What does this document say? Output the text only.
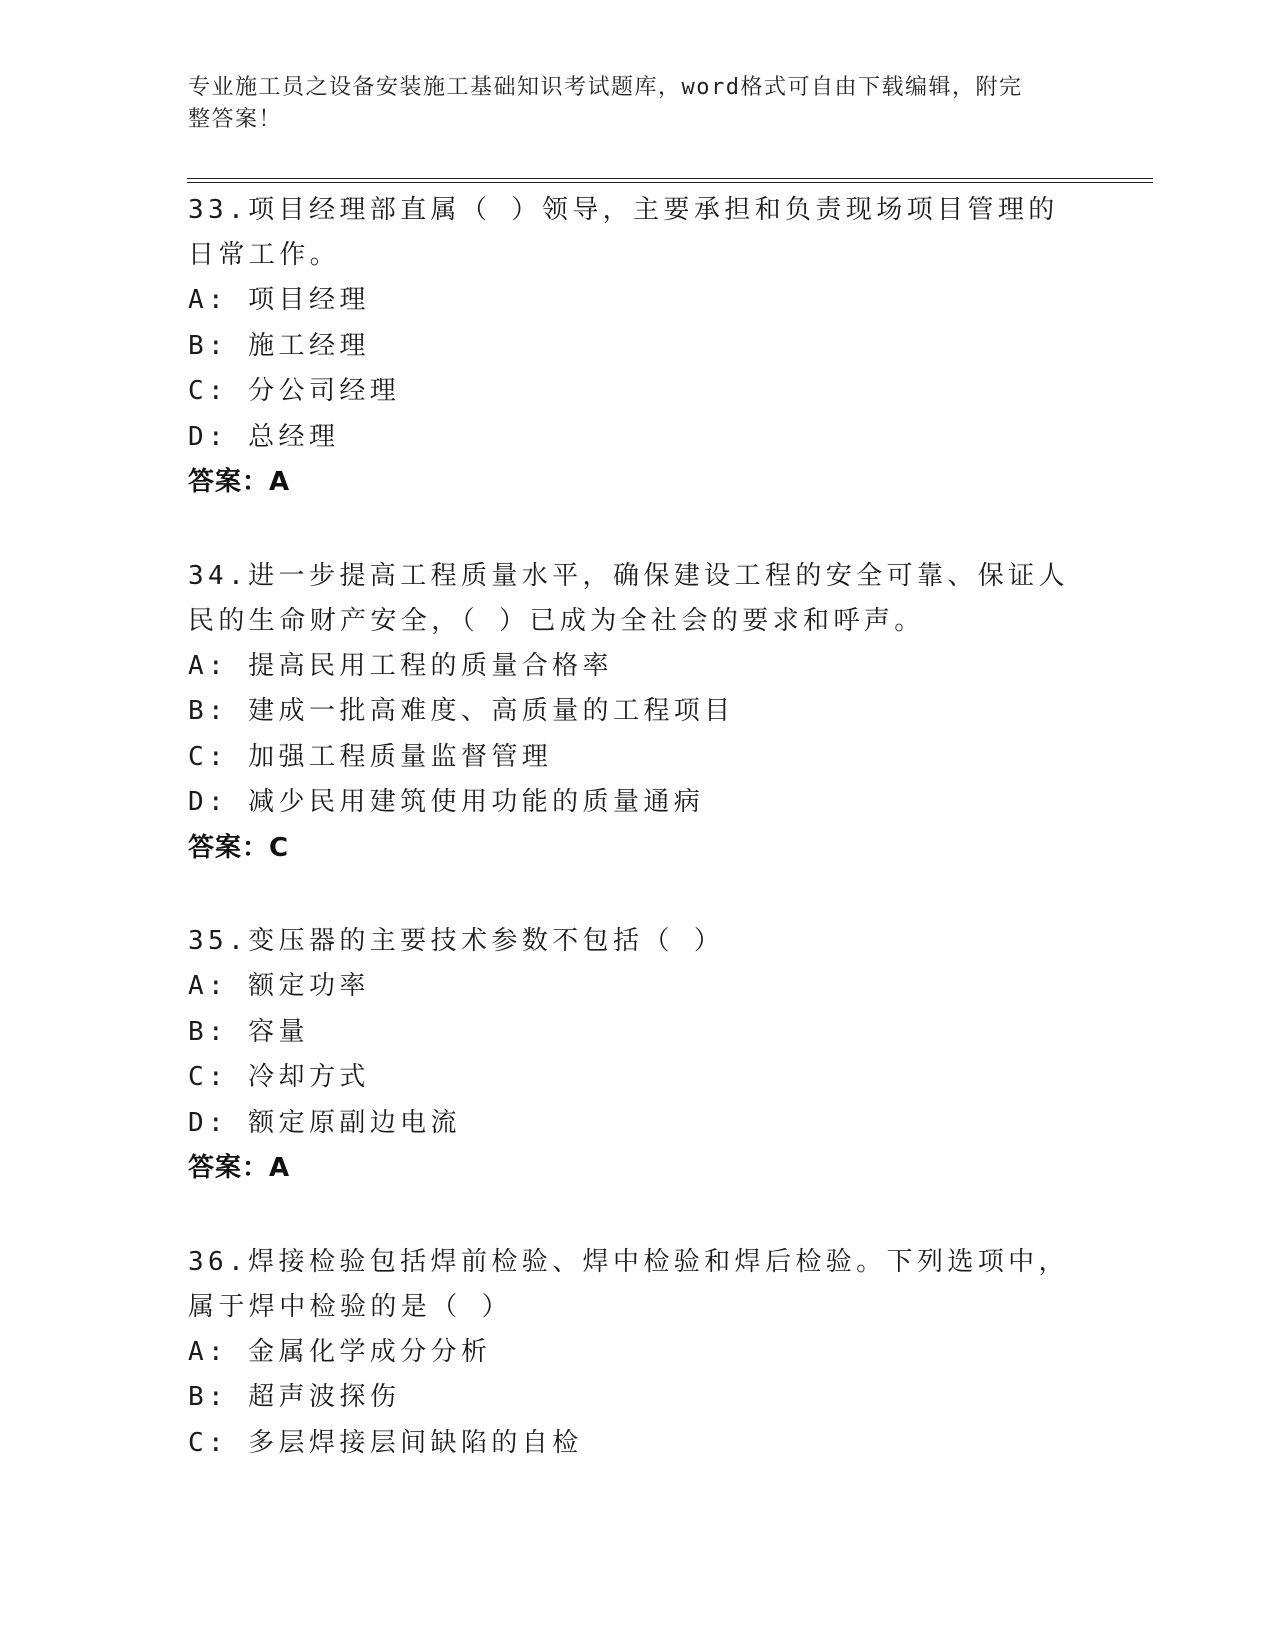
专业施工员之设备安装施工基础知识考试题库，word格式可自由下载编辑，附完
整答案！
33.项目经理部直属（ ）领导，主要承担和负责现场项目管理的日常工作。
A: 项目经理
B: 施工经理
C: 分公司经理
D: 总经理
答案：A
34.进一步提高工程质量水平，确保建设工程的安全可靠、保证人民的生命财产安全，（ ）已成为全社会的要求和呼声。
A: 提高民用工程的质量合格率
B: 建成一批高难度、高质量的工程项目
C: 加强工程质量监督管理
D: 减少民用建筑使用功能的质量通病
答案：C
35.变压器的主要技术参数不包括（ ）
A: 额定功率
B: 容量
C: 冷却方式
D: 额定原副边电流
答案：A
36.焊接检验包括焊前检验、焊中检验和焊后检验。下列选项中，属于焊中检验的是（ ）
A: 金属化学成分分析
B: 超声波探伤
C: 多层焊接层间缺陷的自检
